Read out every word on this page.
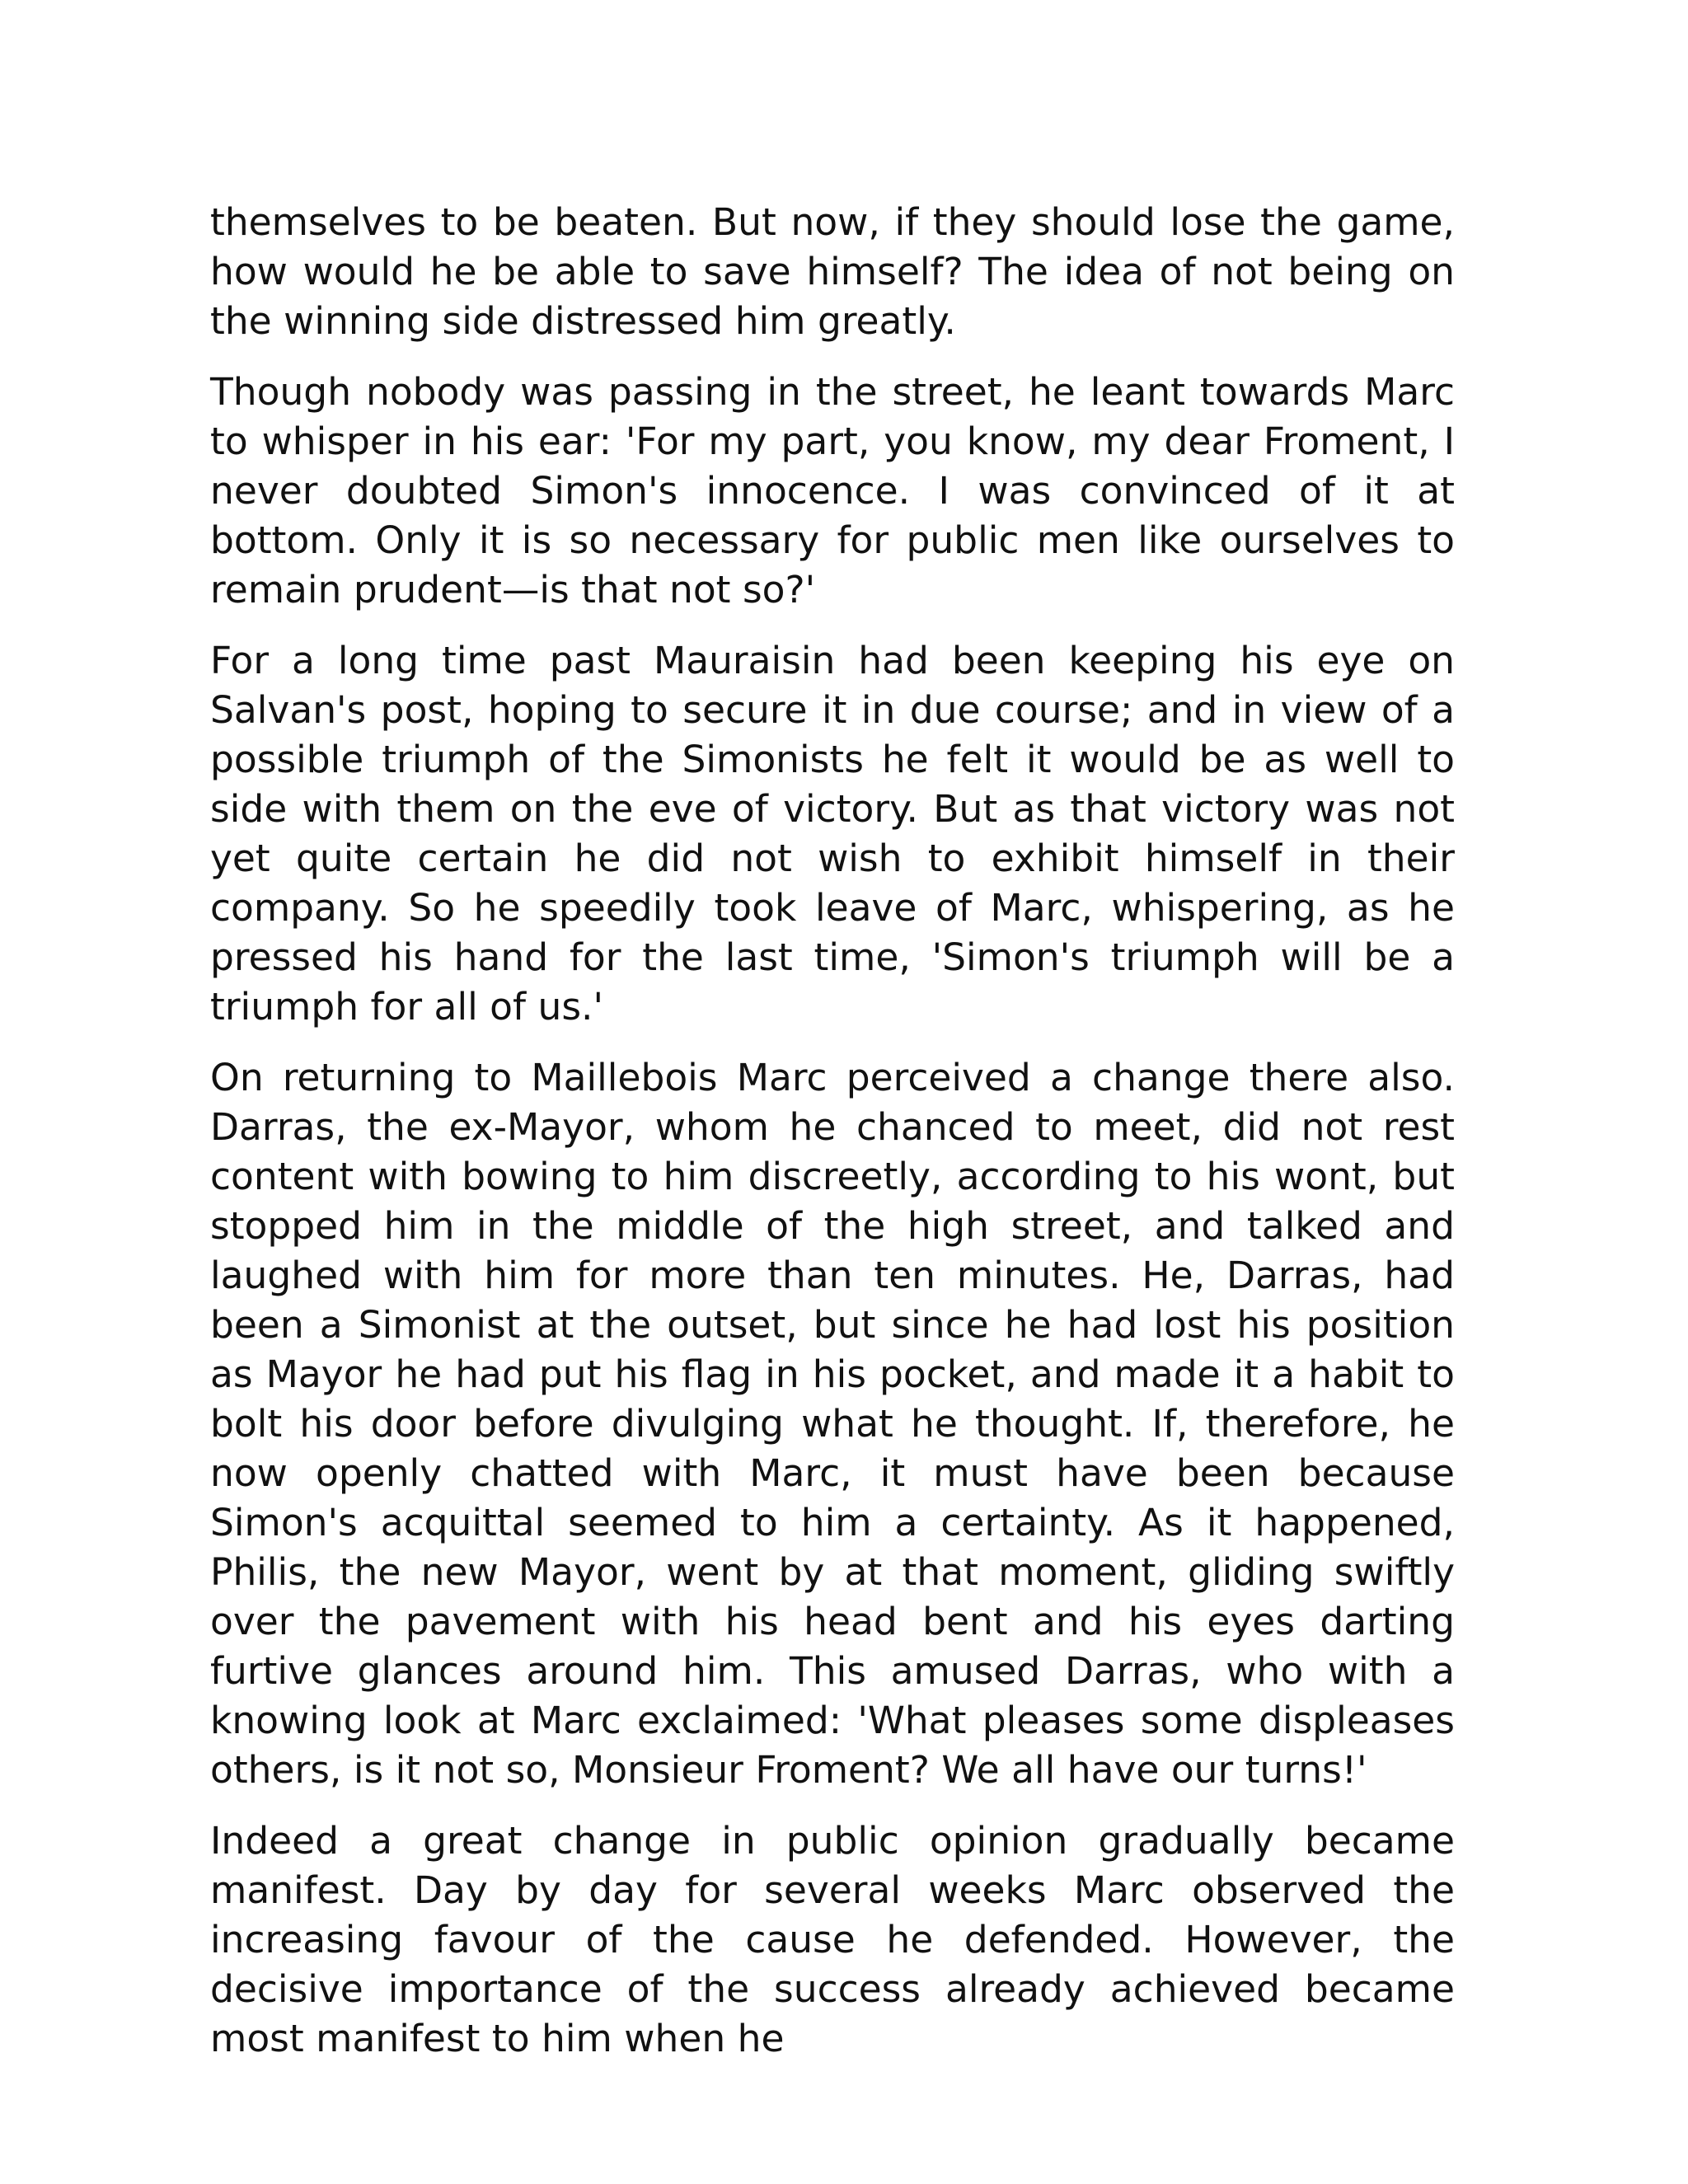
themselves to be beaten. But now, if they should lose the game, how would he be able to save himself? The idea of not being on the winning side distressed him greatly.

Though nobody was passing in the street, he leant towards Marc to whisper in his ear: 'For my part, you know, my dear Froment, I never doubted Simon's innocence. I was convinced of it at bottom. Only it is so necessary for public men like ourselves to remain prudent—is that not so?'

For a long time past Mauraisin had been keeping his eye on Salvan's post, hoping to secure it in due course; and in view of a possible triumph of the Simonists he felt it would be as well to side with them on the eve of victory. But as that victory was not yet quite certain he did not wish to exhibit himself in their company. So he speedily took leave of Marc, whispering, as he pressed his hand for the last time, 'Simon's triumph will be a triumph for all of us.'

On returning to Maillebois Marc perceived a change there also. Darras, the ex-Mayor, whom he chanced to meet, did not rest content with bowing to him discreetly, according to his wont, but stopped him in the middle of the high street, and talked and laughed with him for more than ten minutes. He, Darras, had been a Simonist at the outset, but since he had lost his position as Mayor he had put his flag in his pocket, and made it a habit to bolt his door before divulging what he thought. If, therefore, he now openly chatted with Marc, it must have been because Simon's acquittal seemed to him a certainty. As it happened, Philis, the new Mayor, went by at that moment, gliding swiftly over the pavement with his head bent and his eyes darting furtive glances around him. This amused Darras, who with a knowing look at Marc exclaimed: 'What pleases some displeases others, is it not so, Monsieur Froment? We all have our turns!'

Indeed a great change in public opinion gradually became manifest. Day by day for several weeks Marc observed the increasing favour of the cause he defended. However, the decisive importance of the success already achieved became most manifest to him when he
